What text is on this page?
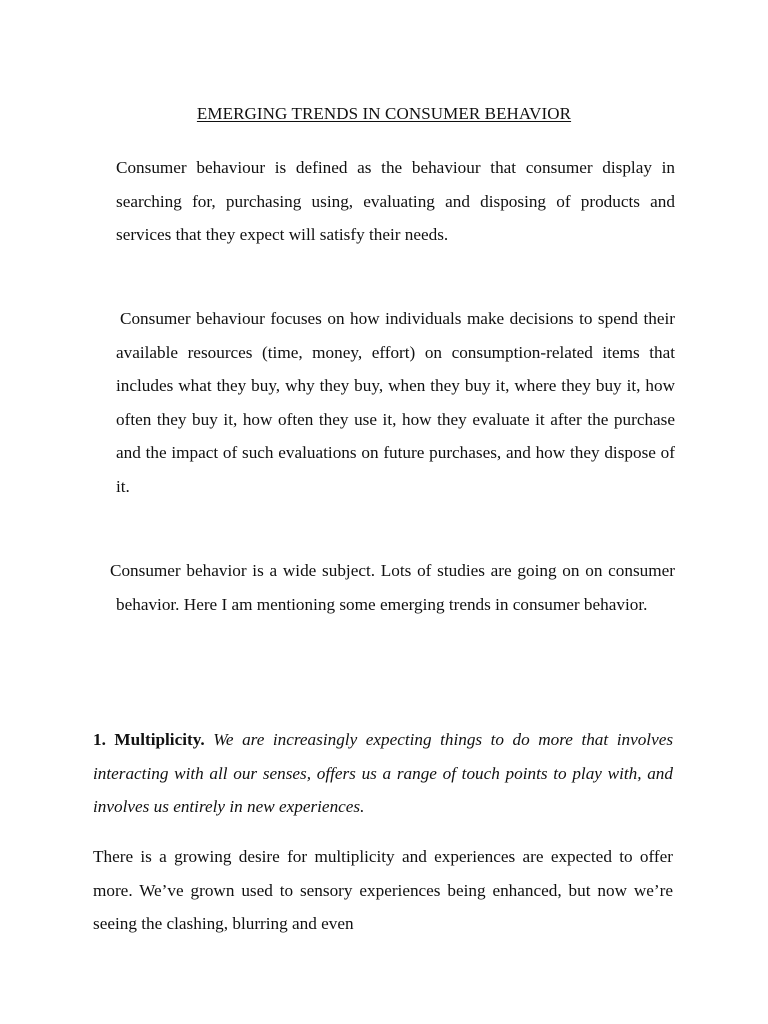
EMERGING TRENDS IN CONSUMER BEHAVIOR

Consumer behaviour is defined as the behaviour that consumer display in searching for, purchasing using, evaluating and disposing of products and services that they expect will satisfy their needs.

Consumer behaviour focuses on how individuals make decisions to spend their available resources (time, money, effort) on consumption-related items that includes what they buy, why they buy, when they buy it, where they buy it, how often they buy it, how often they use it, how they evaluate it after the purchase and the impact of such evaluations on future purchases, and how they dispose of it.

Consumer behavior is a wide subject. Lots of studies are going on on consumer behavior. Here I am mentioning some emerging trends in consumer behavior.

1. Multiplicity. We are increasingly expecting things to do more that involves interacting with all our senses, offers us a range of touch points to play with, and involves us entirely in new experiences.

There is a growing desire for multiplicity and experiences are expected to offer more. We’ve grown used to sensory experiences being enhanced, but now we’re seeing the clashing, blurring and even
